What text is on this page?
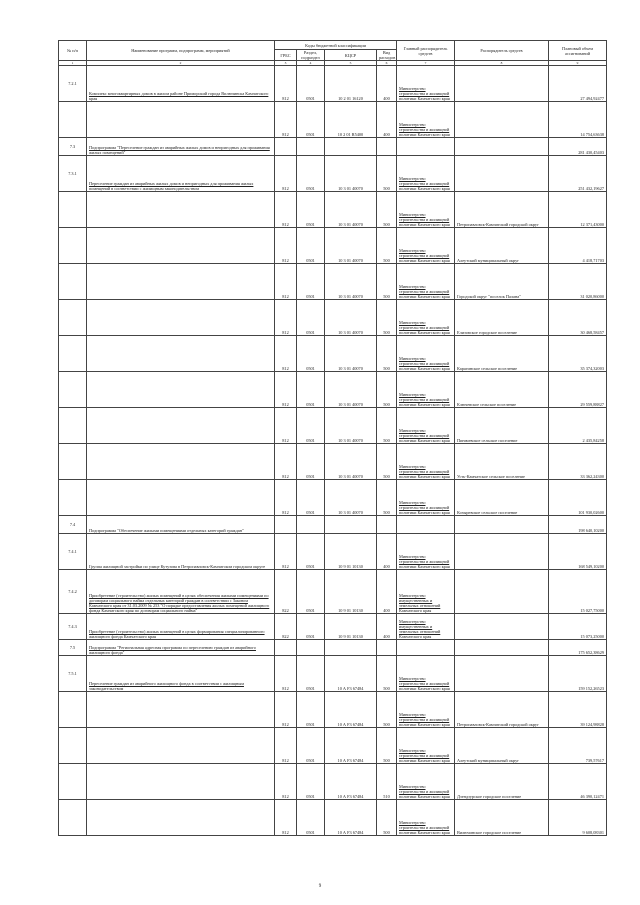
№ п/п	Наименование программ, подпрограмм, мероприятий	Коды бюджетной классификации				Главный распорядитель средств	Распорядитель средств	Плановый объем ассигнований
		ГРБС	Раздел, подраздел	КЦСР	Вид расходов			
1	2	3	4	5	6	7	8	9
7.2.1	Комплекс многоквартирных домов в жилом районе Приморский города Вилючинска Камчатского края	812	0501	10 2 01 16120	400	Министерство строительства и жилищной политики Камчатского края		27 494,92477
		812	0501	10 2 01 R5400	400	Министерство строительства и жилищной политики Камчатского края		14 754,63638
7.3	Подпрограмма "Переселение граждан из аварийных жилых домов и непригодных для проживания жилых помещений"							281 430,45403
7.3.1	Переселение граждан из аварийных жилых домов и непригодных для проживания жилых помещений в соответствии с жилищным законодательством	812	0501	10 3 01 40070	500	Министерство строительства и жилищной политики Камчатского края		251 432,19627
		812	0501	10 3 01 40070	500	Министерство строительства и жилищной политики Камчатского края	Петропавловск-Камчатский городской округ	12 371,43000
		812	0501	10 3 01 40070	500	Министерство строительства и жилищной политики Камчатского края	Алеутский муниципальный округ	4 418,71703
		812	0501	10 3 01 40070	500	Министерство строительства и жилищной политики Камчатского края	Городской округ "поселок Палана"	31 020,86000
		812	0501	10 3 01 40070	500	Министерство строительства и жилищной политики Камчатского края	Елизовское городское поселение	30 468,58457
		812	0501	10 3 01 40070	500	Министерство строительства и жилищной политики Камчатского края	Карагинское сельское поселение	35 374,32003
		812	0501	10 3 01 40070	500	Министерство строительства и жилищной политики Камчатского края	Ключевское сельское поселение	29 559,88827
		812	0501	10 3 01 40070	500	Министерство строительства и жилищной политики Камчатского края	Пиначевское сельское поселение	2 435,84258
		812	0501	10 3 01 40070	500	Министерство строительства и жилищной политики Камчатского края	Усть-Камчатское сельское поселение	33 362,24300
		812	0501	10 3 01 40070	500	Министерство строительства и жилищной политики Камчатского края	Козыревское сельское поселение	101 930,02600
7.4	Подпрограмма "Обеспечение жилыми помещениями отдельных категорий граждан"							198 640,10200
7.4.1	Группа жилищной застройки по улице Кутузова в Петропавловск-Камчатском городском округе	812	0501	10 9 01 10130	400	Министерство строительства и жилищной политики Камчатского края		168 549,10200
7.4.2	Приобретение (строительство) жилых помещений в целях обеспечения жилыми помещениями по договорам социального найма отдельных категорий граждан в соответствии с Законом Камчатского края от 31.03.2009 № 253 "О порядке предоставления жилых помещений жилищного фонда Камчатского края по договорам социального найма"	822	0501	10 9 01 10130	400	Министерство имущественных и земельных отношений Камчатского края		15 027,75000
7.4.3	Приобретение (строительство) жилых помещений в целях формирования специализированного жилищного фонда Камчатского края	822	0501	10 9 01 10130	400	Министерство имущественных и земельных отношений Камчатского края		15 073,25000
7.5	Подпрограмма "Региональная адресная программа по переселению граждан из аварийного жилищного фонда"							175 652,38629
7.5.1	Переселение граждан из аварийного жилищного фонда в соответствии с жилищным законодательством	812	0501	10 А F3 67484	500	Министерство строительства и жилищной политики Камчатского края		159 152,26523
		812	0501	10 А F3 67484	500	Министерство строительства и жилищной политики Камчатского края	Петропавловск-Камчатский городской округ	39 124,98828
		812	0501	10 А F3 67484	500	Министерство строительства и жилищной политики Камчатского края	Алеутский муниципальный округ	739,57617
		812	0501	10 А F3 67484	510	Министерство строительства и жилищной политики Камчатского края	Дзендзурское городское поселение	46 390,12471
		812	0501	10 А F3 67484	500	Министерство строительства и жилищной политики Камчатского края	Вилючинское городское поселение	9 608,08301
9
